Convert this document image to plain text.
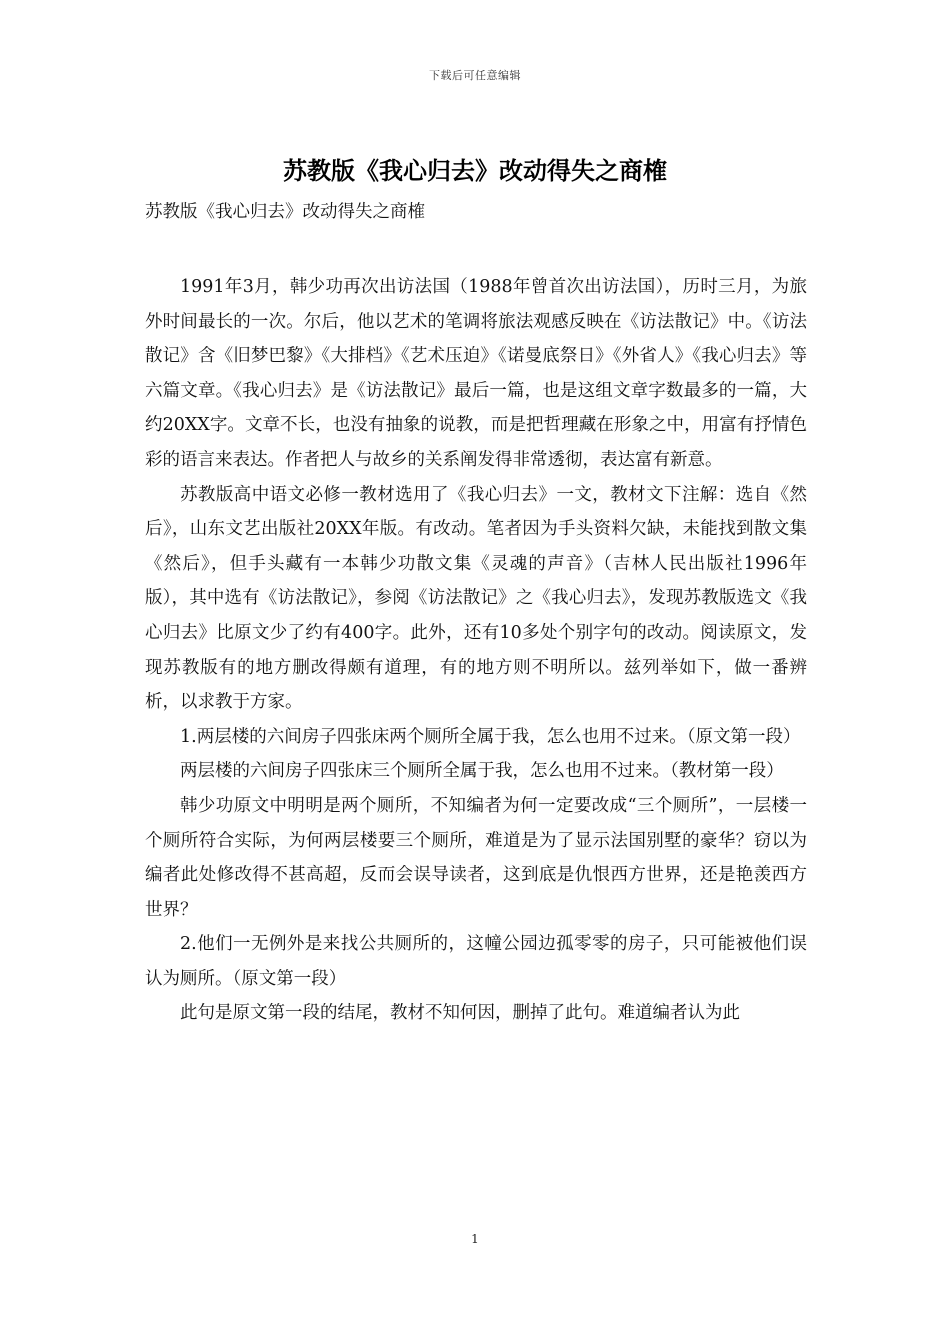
下载后可任意编辑
苏教版《我心归去》改动得失之商榷
苏教版《我心归去》改动得失之商榷

1991年3月，韩少功再次出访法国（1988年曾首次出访法国），历时三月，为旅外时间最长的一次。尔后，他以艺术的笔调将旅法观感反映在《访法散记》中。《访法散记》含《旧梦巴黎》《大排档》《艺术压迫》《诺曼底祭日》《外省人》《我心归去》等六篇文章。《我心归去》是《访法散记》最后一篇，也是这组文章字数最多的一篇，大约20XX字。文章不长，也没有抽象的说教，而是把哲理藏在形象之中，用富有抒情色彩的语言来表达。作者把人与故乡的关系阐发得非常透彻，表达富有新意。

苏教版高中语文必修一教材选用了《我心归去》一文，教材文下注解：选自《然后》，山东文艺出版社20XX年版。有改动。笔者因为手头资料欠缺，未能找到散文集《然后》，但手头藏有一本韩少功散文集《灵魂的声音》（吉林人民出版社1996年版），其中选有《访法散记》，参阅《访法散记》之《我心归去》，发现苏教版选文《我心归去》比原文少了约有400字。此外，还有10多处个别字句的改动。阅读原文，发现苏教版有的地方删改得颇有道理，有的地方则不明所以。兹列举如下，做一番辨析，以求教于方家。

1.两层楼的六间房子四张床两个厕所全属于我，怎么也用不过来。（原文第一段）

两层楼的六间房子四张床三个厕所全属于我，怎么也用不过来。（教材第一段）

韩少功原文中明明是两个厕所，不知编者为何一定要改成“三个厕所”，一层楼一个厕所符合实际，为何两层楼要三个厕所，难道是为了显示法国别墅的豪华？窃以为编者此处修改得不甚高超，反而会误导读者，这到底是仇恨西方世界，还是艳羡西方世界？

2.他们一无例外是来找公共厕所的，这幢公园边孤零零的房子，只可能被他们误认为厕所。（原文第一段）

此句是原文第一段的结尾，教材不知何因，删掉了此句。难道编者认为此

1
